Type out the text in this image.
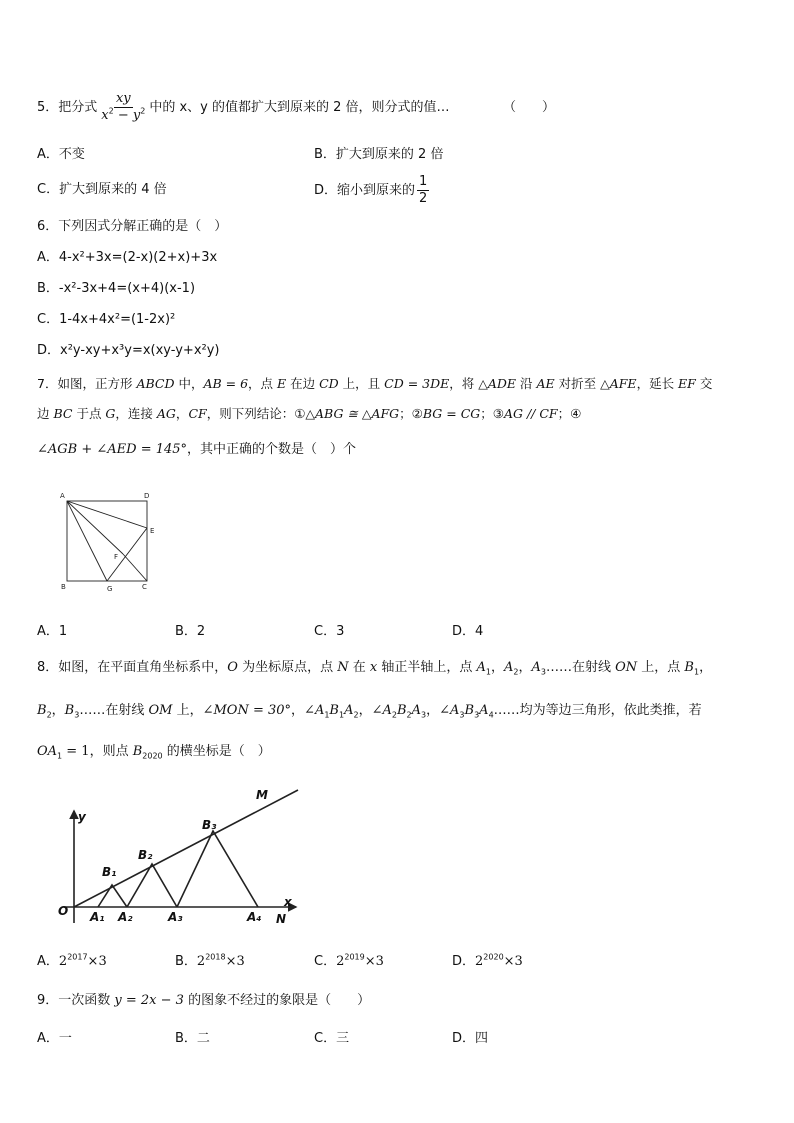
5．把分式 $\frac{xy}{x^2 - y^2}$ 中的 x、y 的值都扩大到原来的 2 倍，则分式的值…	（　　）
A．不变	B．扩大到原来的 2 倍
C．扩大到原来的 4 倍	D．缩小到原来的 $\frac{1}{2}$
6．下列因式分解正确的是（　）
A．4-x²+3x=(2-x)(2+x)+3x
B．-x²-3x+4=(x+4)(x-1)
C．1-4x+4x²=(1-2x)²
D．x²y-xy+x³y=x(xy-y+x²y)
7．如图，正方形 ABCD 中，AB = 6，点 E 在边 CD 上，且 CD = 3DE，将 △ADE 沿 AE 对折至 △AFE，延长 EF 交
边 BC 于点 G，连接 AG，CF，则下列结论：①△ABG ≅ △AFG；②BG = CG；③AG // CF；④
∠AGB + ∠AED = 145°，其中正确的个数是（　）个
A	D
E
F
B	G	C
A．1	B．2	C．3	D．4
8．如图，在平面直角坐标系中，O 为坐标原点，点 N 在 x 轴正半轴上，点 $A_1$，$A_2$，$A_3\dots\dots$在射线 ON 上，点 $B_1$，
$B_2$，$B_3\dots\dots$在射线 OM 上，∠MON = 30°，$\angle A_1B_1A_2$，$\angle A_2B_2A_3$，$\angle A_3B_3A_4\dots\dots$均为等边三角形，依此类推，若
$OA_1 = 1$，则点 $B_{2020}$ 的横坐标是（　）
y
M
x
N
O A₁ A₂	A₃	A₄
B₁
B₂
B₃
A．$2^{2017}\times 3$	B．$2^{2018}\times 3$	C．$2^{2019}\times 3$	D．$2^{2020}\times 3$
9．一次函数 y = 2x − 3 的图象不经过的象限是（　　）
A．一	B．二	C．三	D．四
